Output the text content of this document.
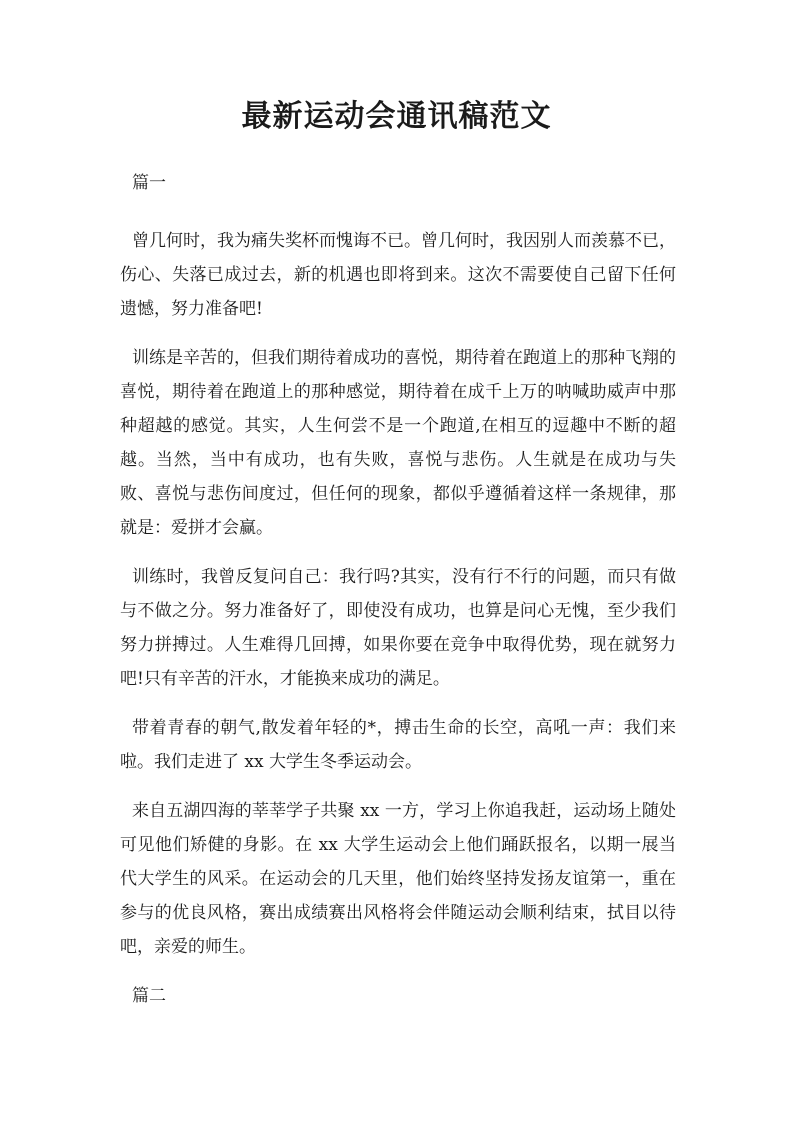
最新运动会通讯稿范文
篇一

曾几何时，我为痛失奖杯而愧诲不已。曾几何时，我因别人而羡慕不已，伤心、失落已成过去，新的机遇也即将到来。这次不需要使自己留下任何遗憾，努力准备吧!

训练是辛苦的，但我们期待着成功的喜悦，期待着在跑道上的那种飞翔的喜悦，期待着在跑道上的那种感觉，期待着在成千上万的呐喊助威声中那种超越的感觉。其实，人生何尝不是一个跑道,在相互的逗趣中不断的超越。当然，当中有成功，也有失败，喜悦与悲伤。人生就是在成功与失败、喜悦与悲伤间度过，但任何的现象，都似乎遵循着这样一条规律，那就是：爱拼才会赢。

训练时，我曾反复问自己：我行吗?其实，没有行不行的问题，而只有做与不做之分。努力准备好了，即使没有成功，也算是问心无愧，至少我们努力拼搏过。人生难得几回搏，如果你要在竞争中取得优势，现在就努力吧!只有辛苦的汗水，才能换来成功的满足。

带着青春的朝气,散发着年轻的*，搏击生命的长空，高吼一声：我们来啦。我们走进了 xx 大学生冬季运动会。

来自五湖四海的莘莘学子共聚 xx 一方，学习上你追我赶，运动场上随处可见他们矫健的身影。在 xx 大学生运动会上他们踊跃报名，以期一展当代大学生的风采。在运动会的几天里，他们始终坚持发扬友谊第一，重在参与的优良风格，赛出成绩赛出风格将会伴随运动会顺利结束，拭目以待吧，亲爱的师生。

篇二
